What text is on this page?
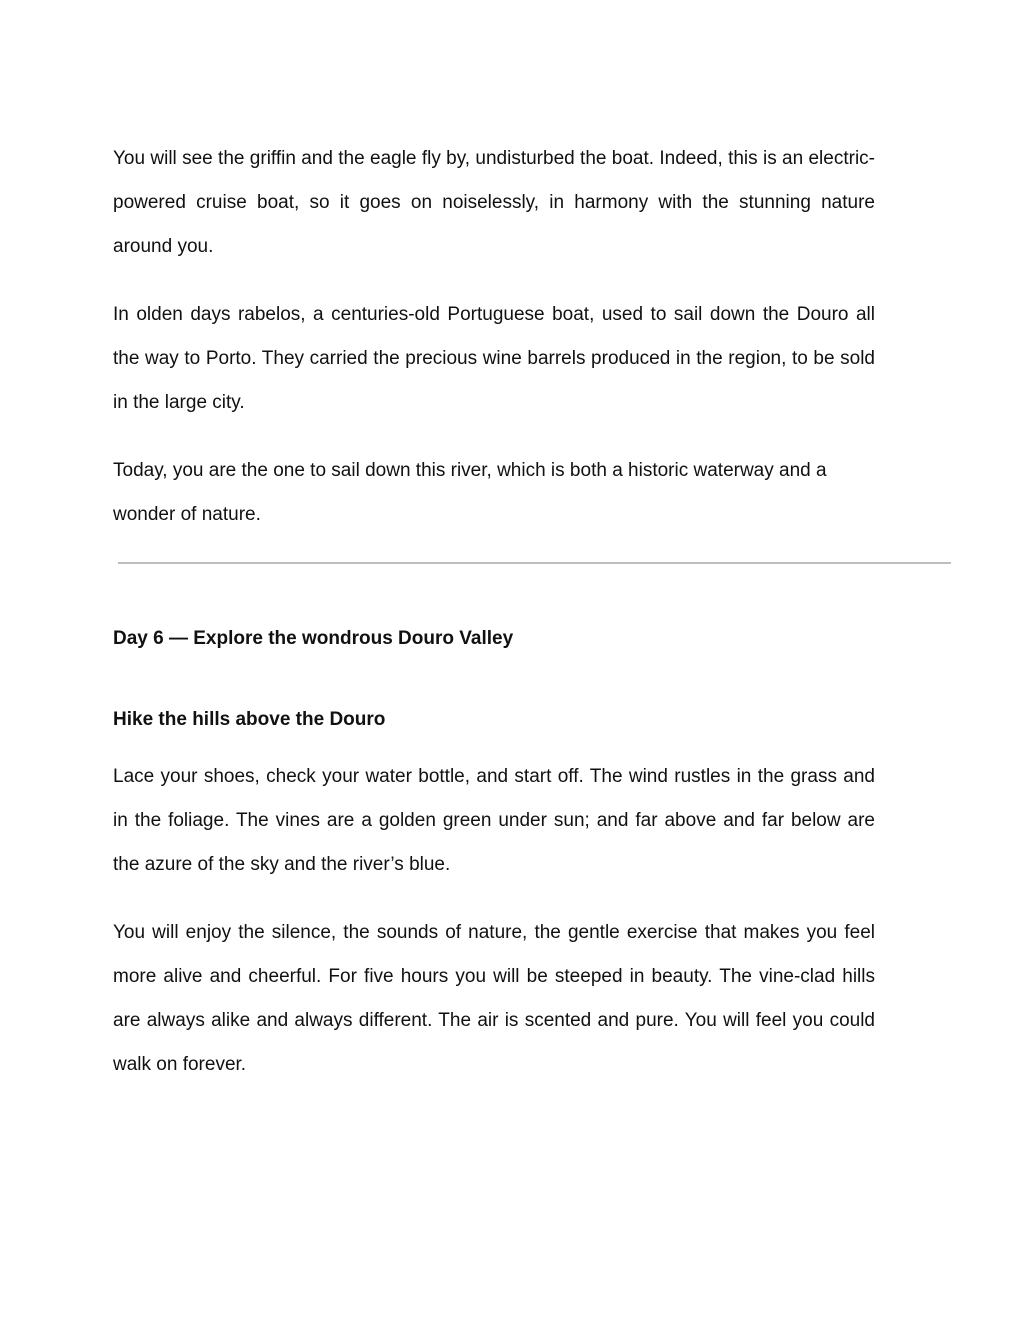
You will see the griffin and the eagle fly by, undisturbed the boat. Indeed, this is an electric-powered cruise boat, so it goes on noiselessly, in harmony with the stunning nature around you.

In olden days rabelos, a centuries-old Portuguese boat, used to sail down the Douro all the way to Porto. They carried the precious wine barrels produced in the region, to be sold in the large city.

Today, you are the one to sail down this river, which is both a historic waterway and a wonder of nature.

Day 6 — Explore the wondrous Douro Valley
Hike the hills above the Douro

Lace your shoes, check your water bottle, and start off. The wind rustles in the grass and in the foliage. The vines are a golden green under sun; and far above and far below are the azure of the sky and the river’s blue.

You will enjoy the silence, the sounds of nature, the gentle exercise that makes you feel more alive and cheerful. For five hours you will be steeped in beauty. The vine-clad hills are always alike and always different. The air is scented and pure. You will feel you could walk on forever.
